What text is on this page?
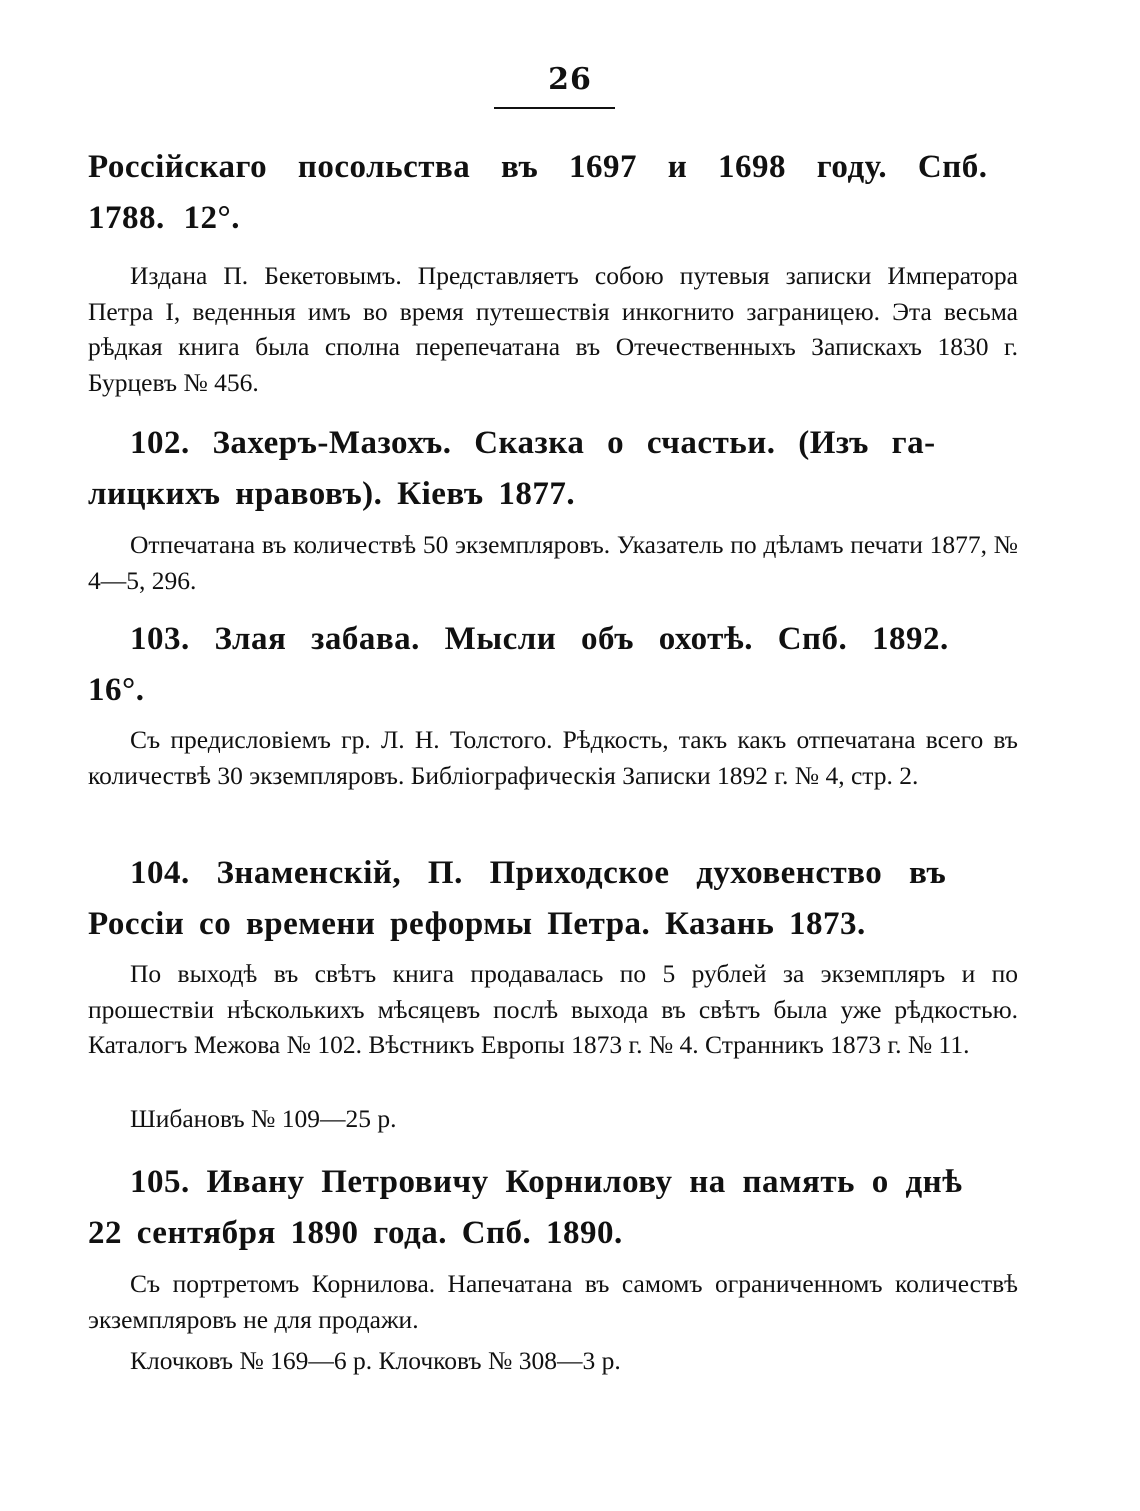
26
Россійскаго посольства въ 1697 и 1698 году. Спб.
1788. 12°.
Издана П. Бекетовымъ. Представляетъ собою путевыя записки Императора Петра I, веденныя имъ во время путешествія инкогнито заграницею. Эта весьма рѣдкая книга была сполна перепечатана въ Отечественныхъ Запискахъ 1830 г. Бурцевъ № 456.
102. Захеръ-Мазохъ. Сказка о счастьи. (Изъ га-
лицкихъ нравовъ). Кіевъ 1877.
Отпечатана въ количествѣ 50 экземпляровъ. Указатель по дѣламъ печати 1877, № 4—5, 296.
103. Злая забава. Мысли объ охотѣ. Спб. 1892.
16°.
Съ предисловіемъ гр. Л. Н. Толстого. Рѣдкость, такъ какъ отпечатана всего въ количествѣ 30 экземпляровъ. Библіографическія Записки 1892 г. № 4, стр. 2.
104. Знаменскій, П. Приходское духовенство въ
Россіи со времени реформы Петра. Казань 1873.
По выходѣ въ свѣтъ книга продавалась по 5 рублей за экземпляръ и по прошествіи нѣсколькихъ мѣсяцевъ послѣ выхода въ свѣтъ была уже рѣдкостью. Каталогъ Межова № 102. Вѣстникъ Европы 1873 г. № 4. Странникъ 1873 г. № 11.
Шибановъ № 109—25 р.
105. Ивану Петровичу Корнилову на память о днѣ
22 сентября 1890 года. Спб. 1890.
Съ портретомъ Корнилова. Напечатана въ самомъ ограниченномъ количествѣ экземпляровъ не для продажи.
Клочковъ № 169—6 р. Клочковъ № 308—3 р.
